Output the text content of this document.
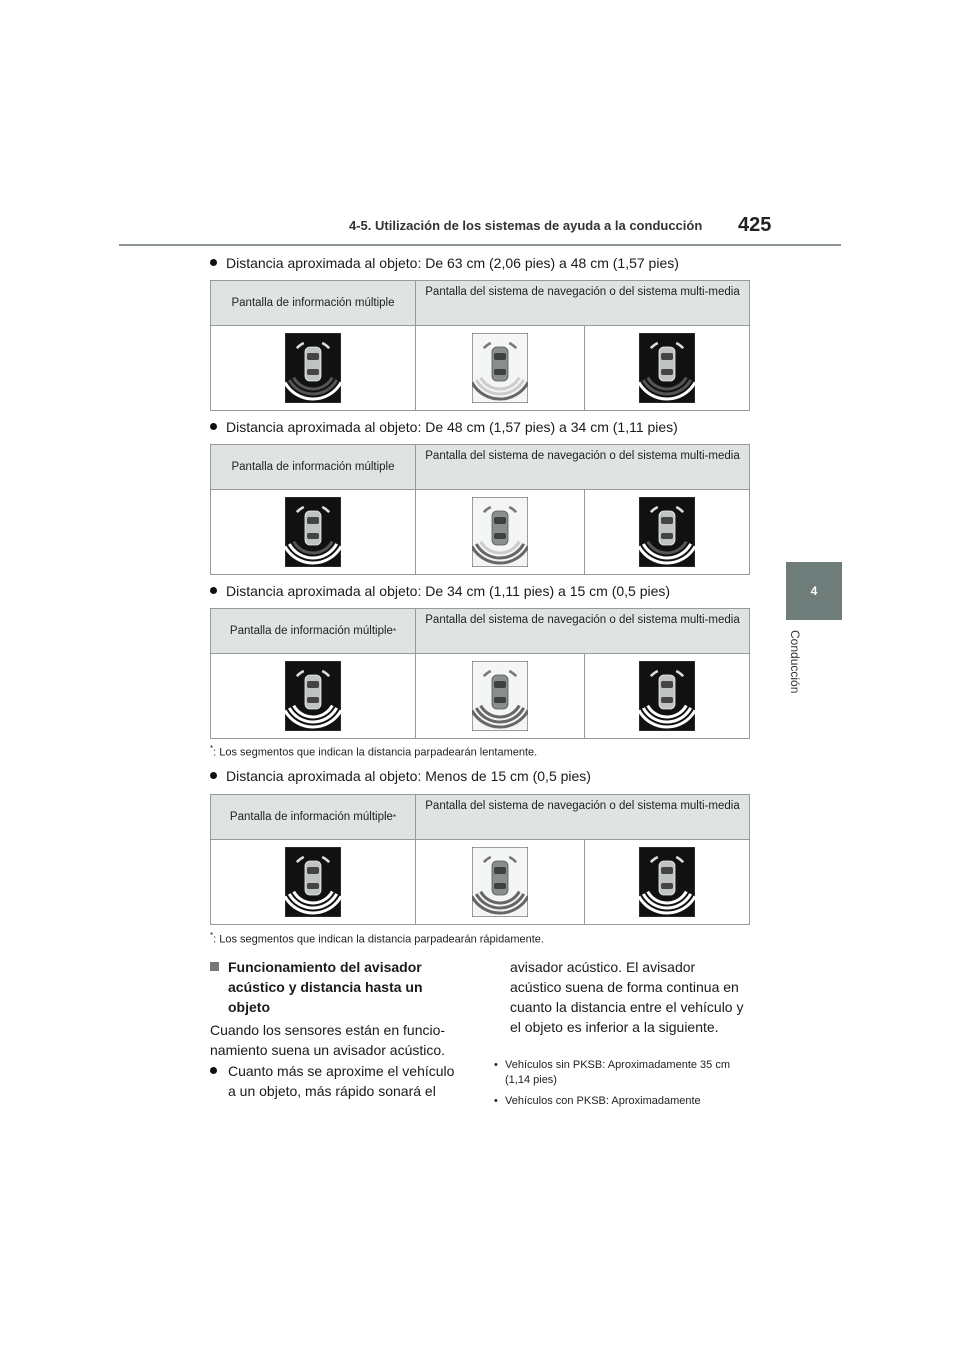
4-5. Utilización de los sistemas de ayuda a la conducción 425
4
Conducción
Distancia aproximada al objeto: De 63 cm (2,06 pies) a 48 cm (1,57 pies)
Pantalla de información múltiple
Pantalla del sistema de navegación o del sistema multi-media
Distancia aproximada al objeto: De 48 cm (1,57 pies) a 34 cm (1,11 pies)
Pantalla de información múltiple
Pantalla del sistema de navegación o del sistema multi-media
Distancia aproximada al objeto: De 34 cm (1,11 pies) a 15 cm (0,5 pies)
Pantalla de información múltiple *
Pantalla del sistema de navegación o del sistema multi-media
*: Los segmentos que indican la distancia parpadearán lentamente.
Distancia aproximada al objeto: Menos de 15 cm (0,5 pies)
Pantalla de información múltiple *
Pantalla del sistema de navegación o del sistema multi-media
*: Los segmentos que indican la distancia parpadearán rápidamente.
Funcionamiento del avisador acústico y distancia hasta un objeto
Cuando los sensores están en funcio-namiento suena un avisador acústico.
Cuanto más se aproxime el vehículo a un objeto, más rápido sonará el
avisador acústico. El avisador acústico suena de forma continua en cuanto la distancia entre el vehículo y el objeto es inferior a la siguiente.
• Vehículos sin PKSB: Aproximadamente 35 cm (1,14 pies)
• Vehículos con PKSB: Aproximadamente
